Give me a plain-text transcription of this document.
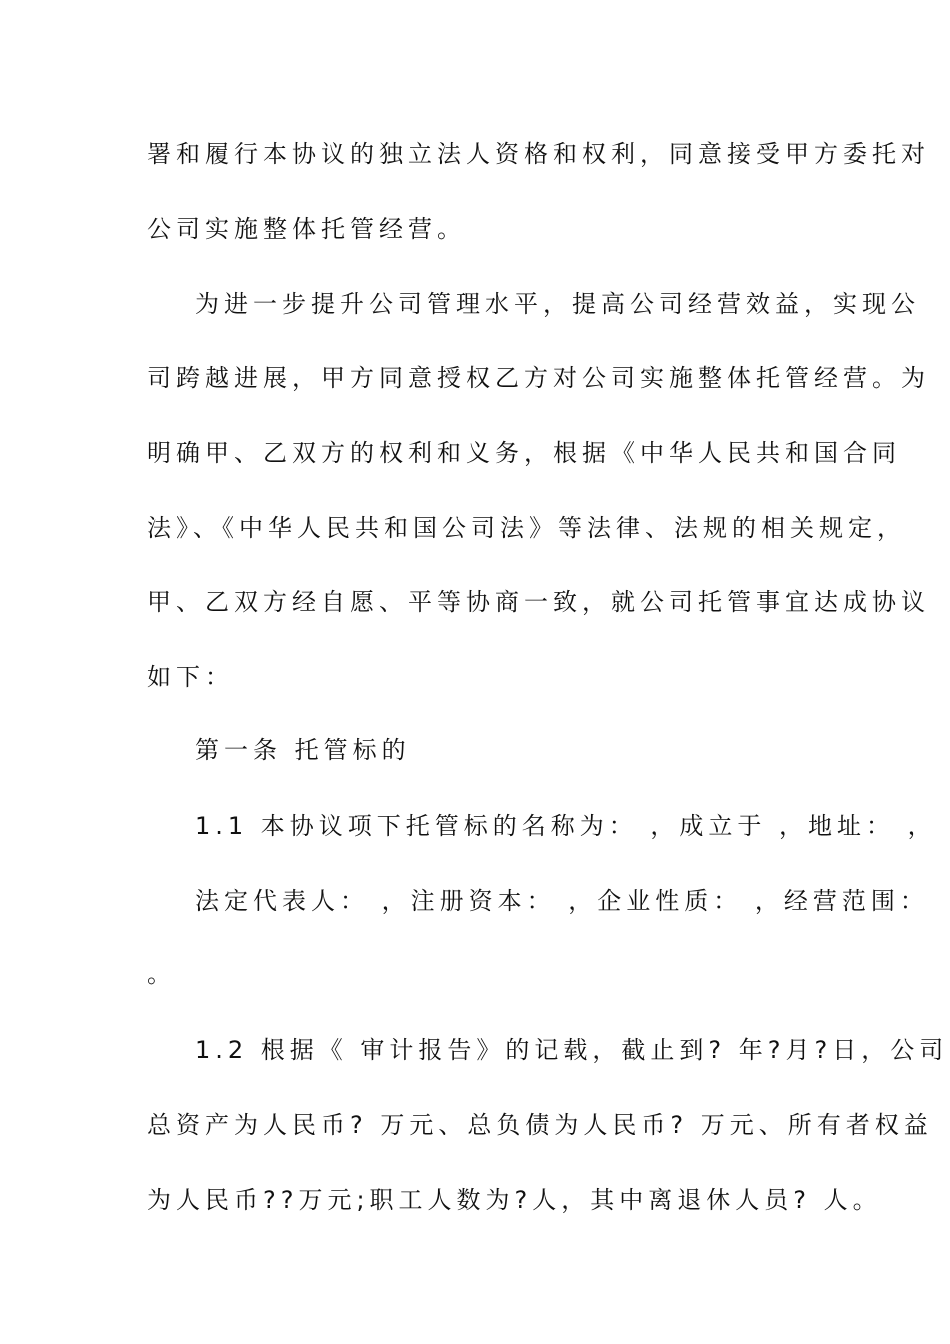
署和履行本协议的独立法人资格和权利，同意接受甲方委托对
公司实施整体托管经营。
为进一步提升公司管理水平，提高公司经营效益，实现公
司跨越进展，甲方同意授权乙方对公司实施整体托管经营。为
明确甲、乙双方的权利和义务，根据《中华人民共和国合同
法》、《中华人民共和国公司法》等法律、法规的相关规定，
甲、乙双方经自愿、平等协商一致，就公司托管事宜达成协议
如下：
第一条 托管标的
1.1 本协议项下托管标的名称为： ，成立于 ，地址： ，
法定代表人： ，注册资本： ，企业性质： ，经营范围：
。
1.2 根据《 审计报告》的记载，截止到? 年?月?日，公司
总资产为人民币? 万元、总负债为人民币? 万元、所有者权益
为人民币??万元;职工人数为?人，其中离退休人员? 人。
